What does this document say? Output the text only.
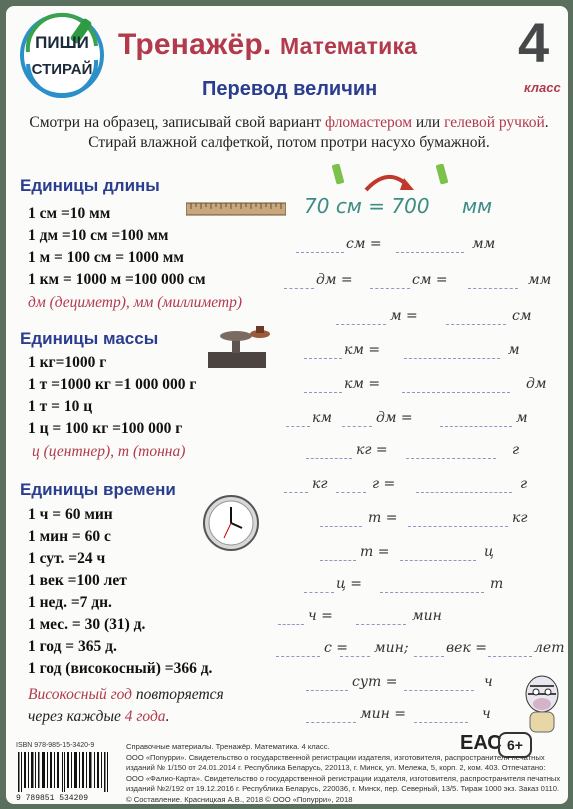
ПИШИ
СТИРАЙ
Тренажёр. Математика 4
класс
Перевод величин
Смотри на образец, записывай свой вариант фломастером или гелевой ручкой. Стирай влажной салфеткой, потом протри насухо бумажной.
Единицы длины
1 см =10 мм
1 дм =10 см =100 мм
1 м = 100 см = 1000 мм
1 км = 1000 м =100 000 см
дм (дециметр), мм (миллиметр)
Единицы массы
1 кг=1000 г
1 т =1000 кг =1 000 000 г
1 т = 10 ц
1 ц = 100 кг =100 000 г
ц (центнер), т (тонна)
Единицы времени
1 ч = 60 мин
1 мин = 60 с
1 сут. =24 ч
1 век =100 лет
1 нед. =7 дн.
1 мес. = 30 (31) д.
1 год = 365 д.
1 год (високосный) =366 д.
Високосный год повторяется
через каждые 4 года.
70 см = 700 мм
см =	мм
дм =	см =	мм
м =	см
км =	м
км =	дм
км	дм =	м
кг =	г
кг	г =	г
т =	кг
т =	ц
ц =	т
ч =	мин
с = мин;	век =	лет
сут =	ч
мин =	ч
ISBN 978-985-15-3420-9
9 789851 534209
Справочные материалы. Тренажёр. Математика. 4 класс.
ООО «Попурри». Свидетельство о государственной регистрации издателя, изготовителя, распространителя печатных изданий № 1/150 от 24.01.2014 г. Республика Беларусь, 220113, г. Минск, ул. Мележа, 5, корп. 2, ком. 403. Отпечатано:
ООО «Фалио-Карта». Свидетельство о государственной регистрации издателя, изготовителя, распространителя печатных изданий №2/192 от 19.12.2016 г. Республика Беларусь, 220036, г. Минск, пер. Северный, 13/5. Тираж 1000 экз. Заказ 0110.
© Составление. Красницкая А.В., 2018 © ООО «Попурри», 2018
ЕАС 6+
